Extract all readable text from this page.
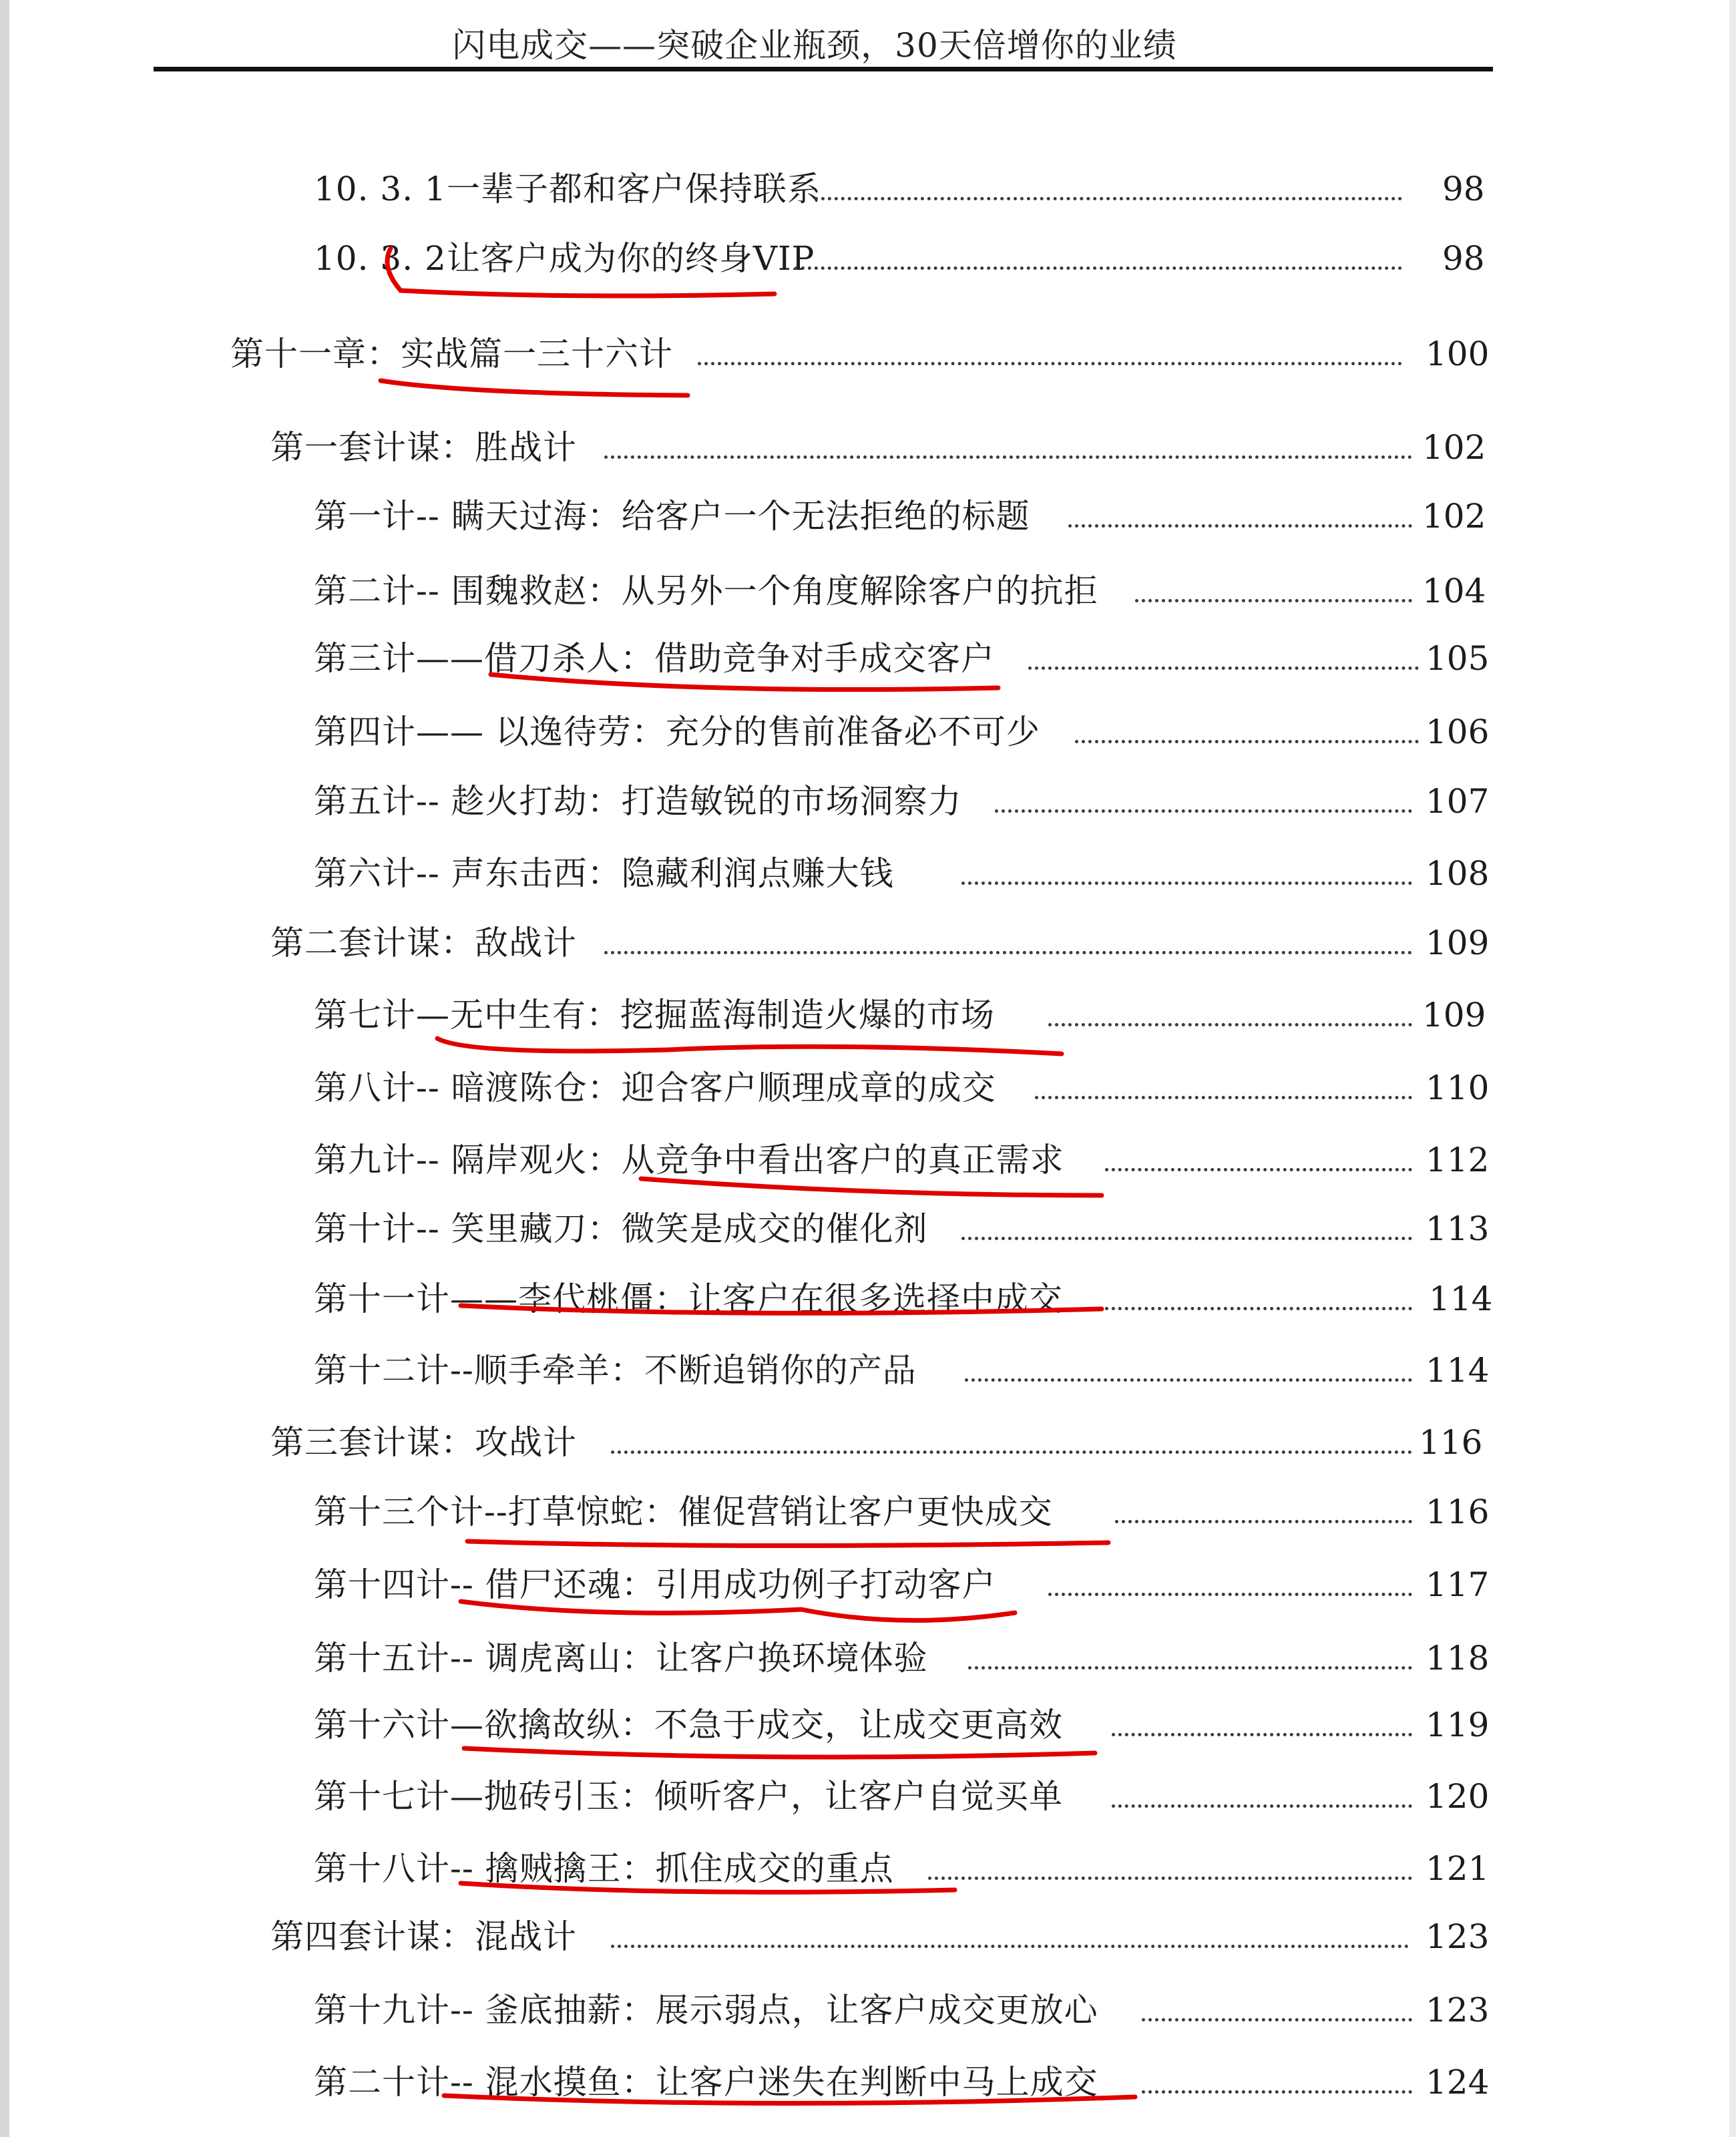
闪电成交——突破企业瓶颈，30天倍增你的业绩
10. 3. 1一辈子都和客户保持联系	98
10. 3. 2让客户成为你的终身VIP	98
第十一章：实战篇一三十六计	100
第一套计谋：胜战计	102
第一计-- 瞒天过海：给客户一个无法拒绝的标题	102
第二计-- 围魏救赵：从另外一个角度解除客户的抗拒	104
第三计——借刀杀人：借助竞争对手成交客户	105
第四计—— 以逸待劳：充分的售前准备必不可少	106
第五计-- 趁火打劫：打造敏锐的市场洞察力	107
第六计-- 声东击西：隐藏利润点赚大钱	108
第二套计谋：敌战计	109
第七计—无中生有：挖掘蓝海制造火爆的市场	109
第八计-- 暗渡陈仓：迎合客户顺理成章的成交	110
第九计-- 隔岸观火：从竞争中看出客户的真正需求	112
第十计-- 笑里藏刀：微笑是成交的催化剂	113
第十一计——李代桃僵：让客户在很多选择中成交	114
第十二计--顺手牵羊：不断追销你的产品	114
第三套计谋：攻战计	116
第十三个计--打草惊蛇：催促营销让客户更快成交	116
第十四计-- 借尸还魂：引用成功例子打动客户	117
第十五计-- 调虎离山：让客户换环境体验	118
第十六计—欲擒故纵：不急于成交，让成交更高效	119
第十七计—抛砖引玉：倾听客户，让客户自觉买单	120
第十八计-- 擒贼擒王：抓住成交的重点	121
第四套计谋：混战计	123
第十九计-- 釜底抽薪：展示弱点，让客户成交更放心	123
第二十计-- 混水摸鱼：让客户迷失在判断中马上成交	124
